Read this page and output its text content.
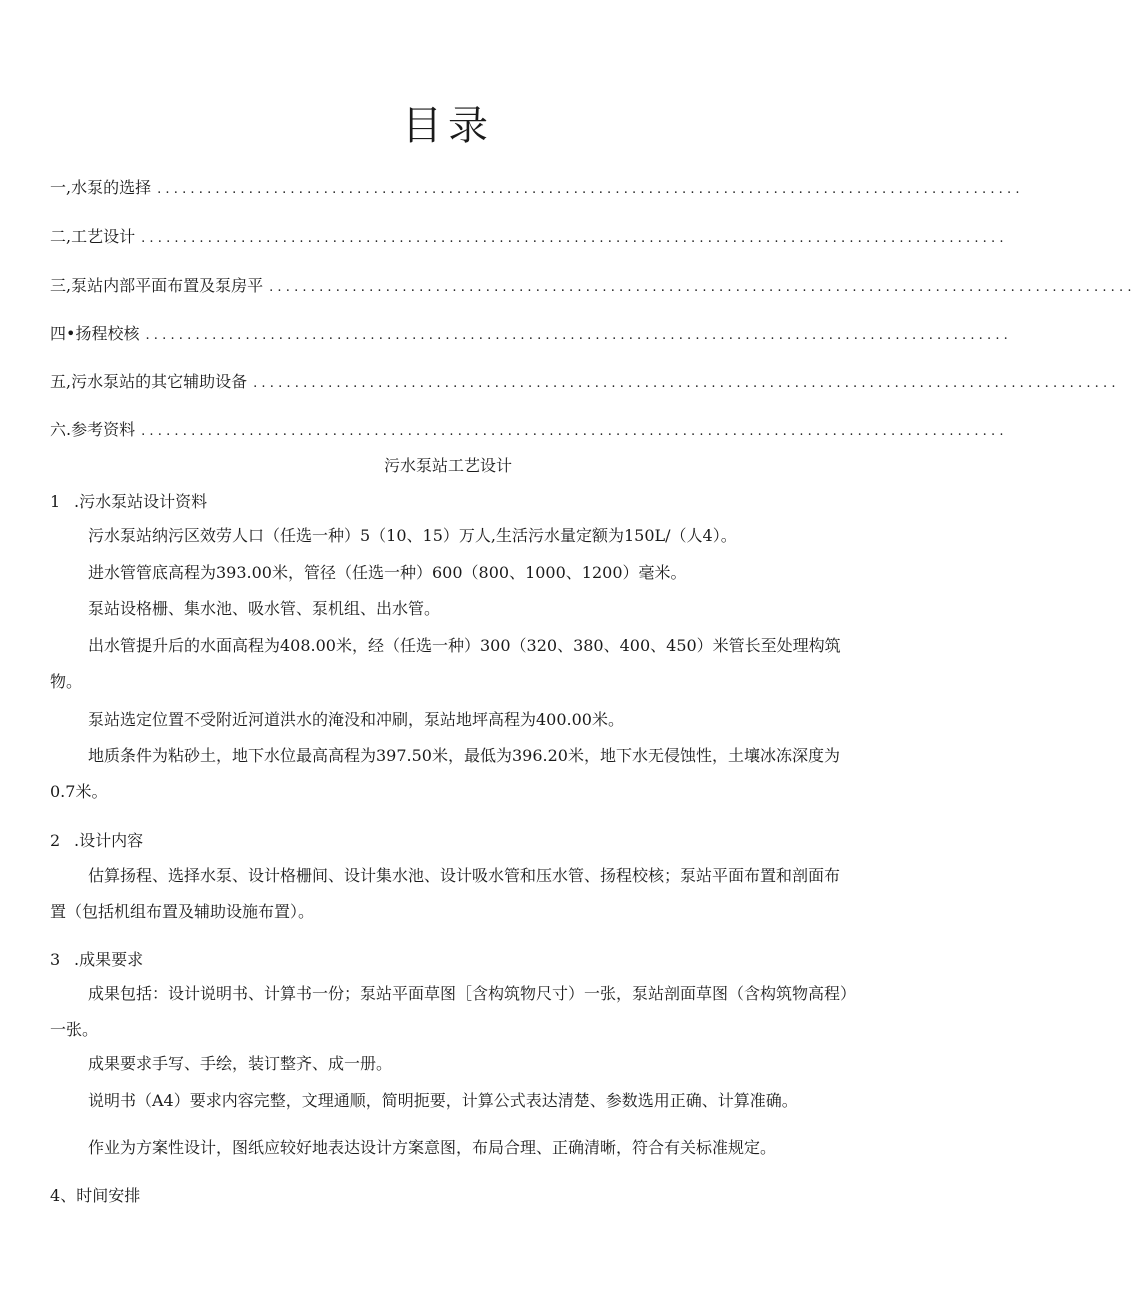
目录
一,水泵的选择 ........................................................................................................
二,工艺设计 ........................................................................................................
三,泵站内部平面布置及泵房平 ........................................................................................................
四•扬程校核 ........................................................................................................
五,污水泵站的其它辅助设备 ........................................................................................................
六.参考资料 ........................................................................................................
污水泵站工艺设计
1 .污水泵站设计资料

污水泵站纳污区效劳人口（任选一种）5（10、15）万人,生活污水量定额为150L/（人4）。

进水管管底高程为393.00米，管径（任选一种）600（800、1000、1200）毫米。

泵站设格栅、集水池、吸水管、泵机组、出水管。

出水管提升后的水面高程为408.00米，经（任选一种）300（320、380、400、450）米管长至处理构筑物。

泵站选定位置不受附近河道洪水的淹没和冲刷，泵站地坪高程为400.00米。

地质条件为粘砂土，地下水位最高高程为397.50米，最低为396.20米，地下水无侵蚀性，土壤冰冻深度为0.7米。

2 .设计内容

估算扬程、选择水泵、设计格栅间、设计集水池、设计吸水管和压水管、扬程校核；泵站平面布置和剖面布置（包括机组布置及辅助设施布置）。

3 .成果要求

成果包括：设计说明书、计算书一份；泵站平面草图［含构筑物尺寸）一张，泵站剖面草图（含构筑物高程）一张。

成果要求手写、手绘，装订整齐、成一册。

说明书（A4）要求内容完整，文理通顺，简明扼要，计算公式表达清楚、参数选用正确、计算准确。

作业为方案性设计，图纸应较好地表达设计方案意图，布局合理、正确清晰，符合有关标准规定。

4、时间安排
